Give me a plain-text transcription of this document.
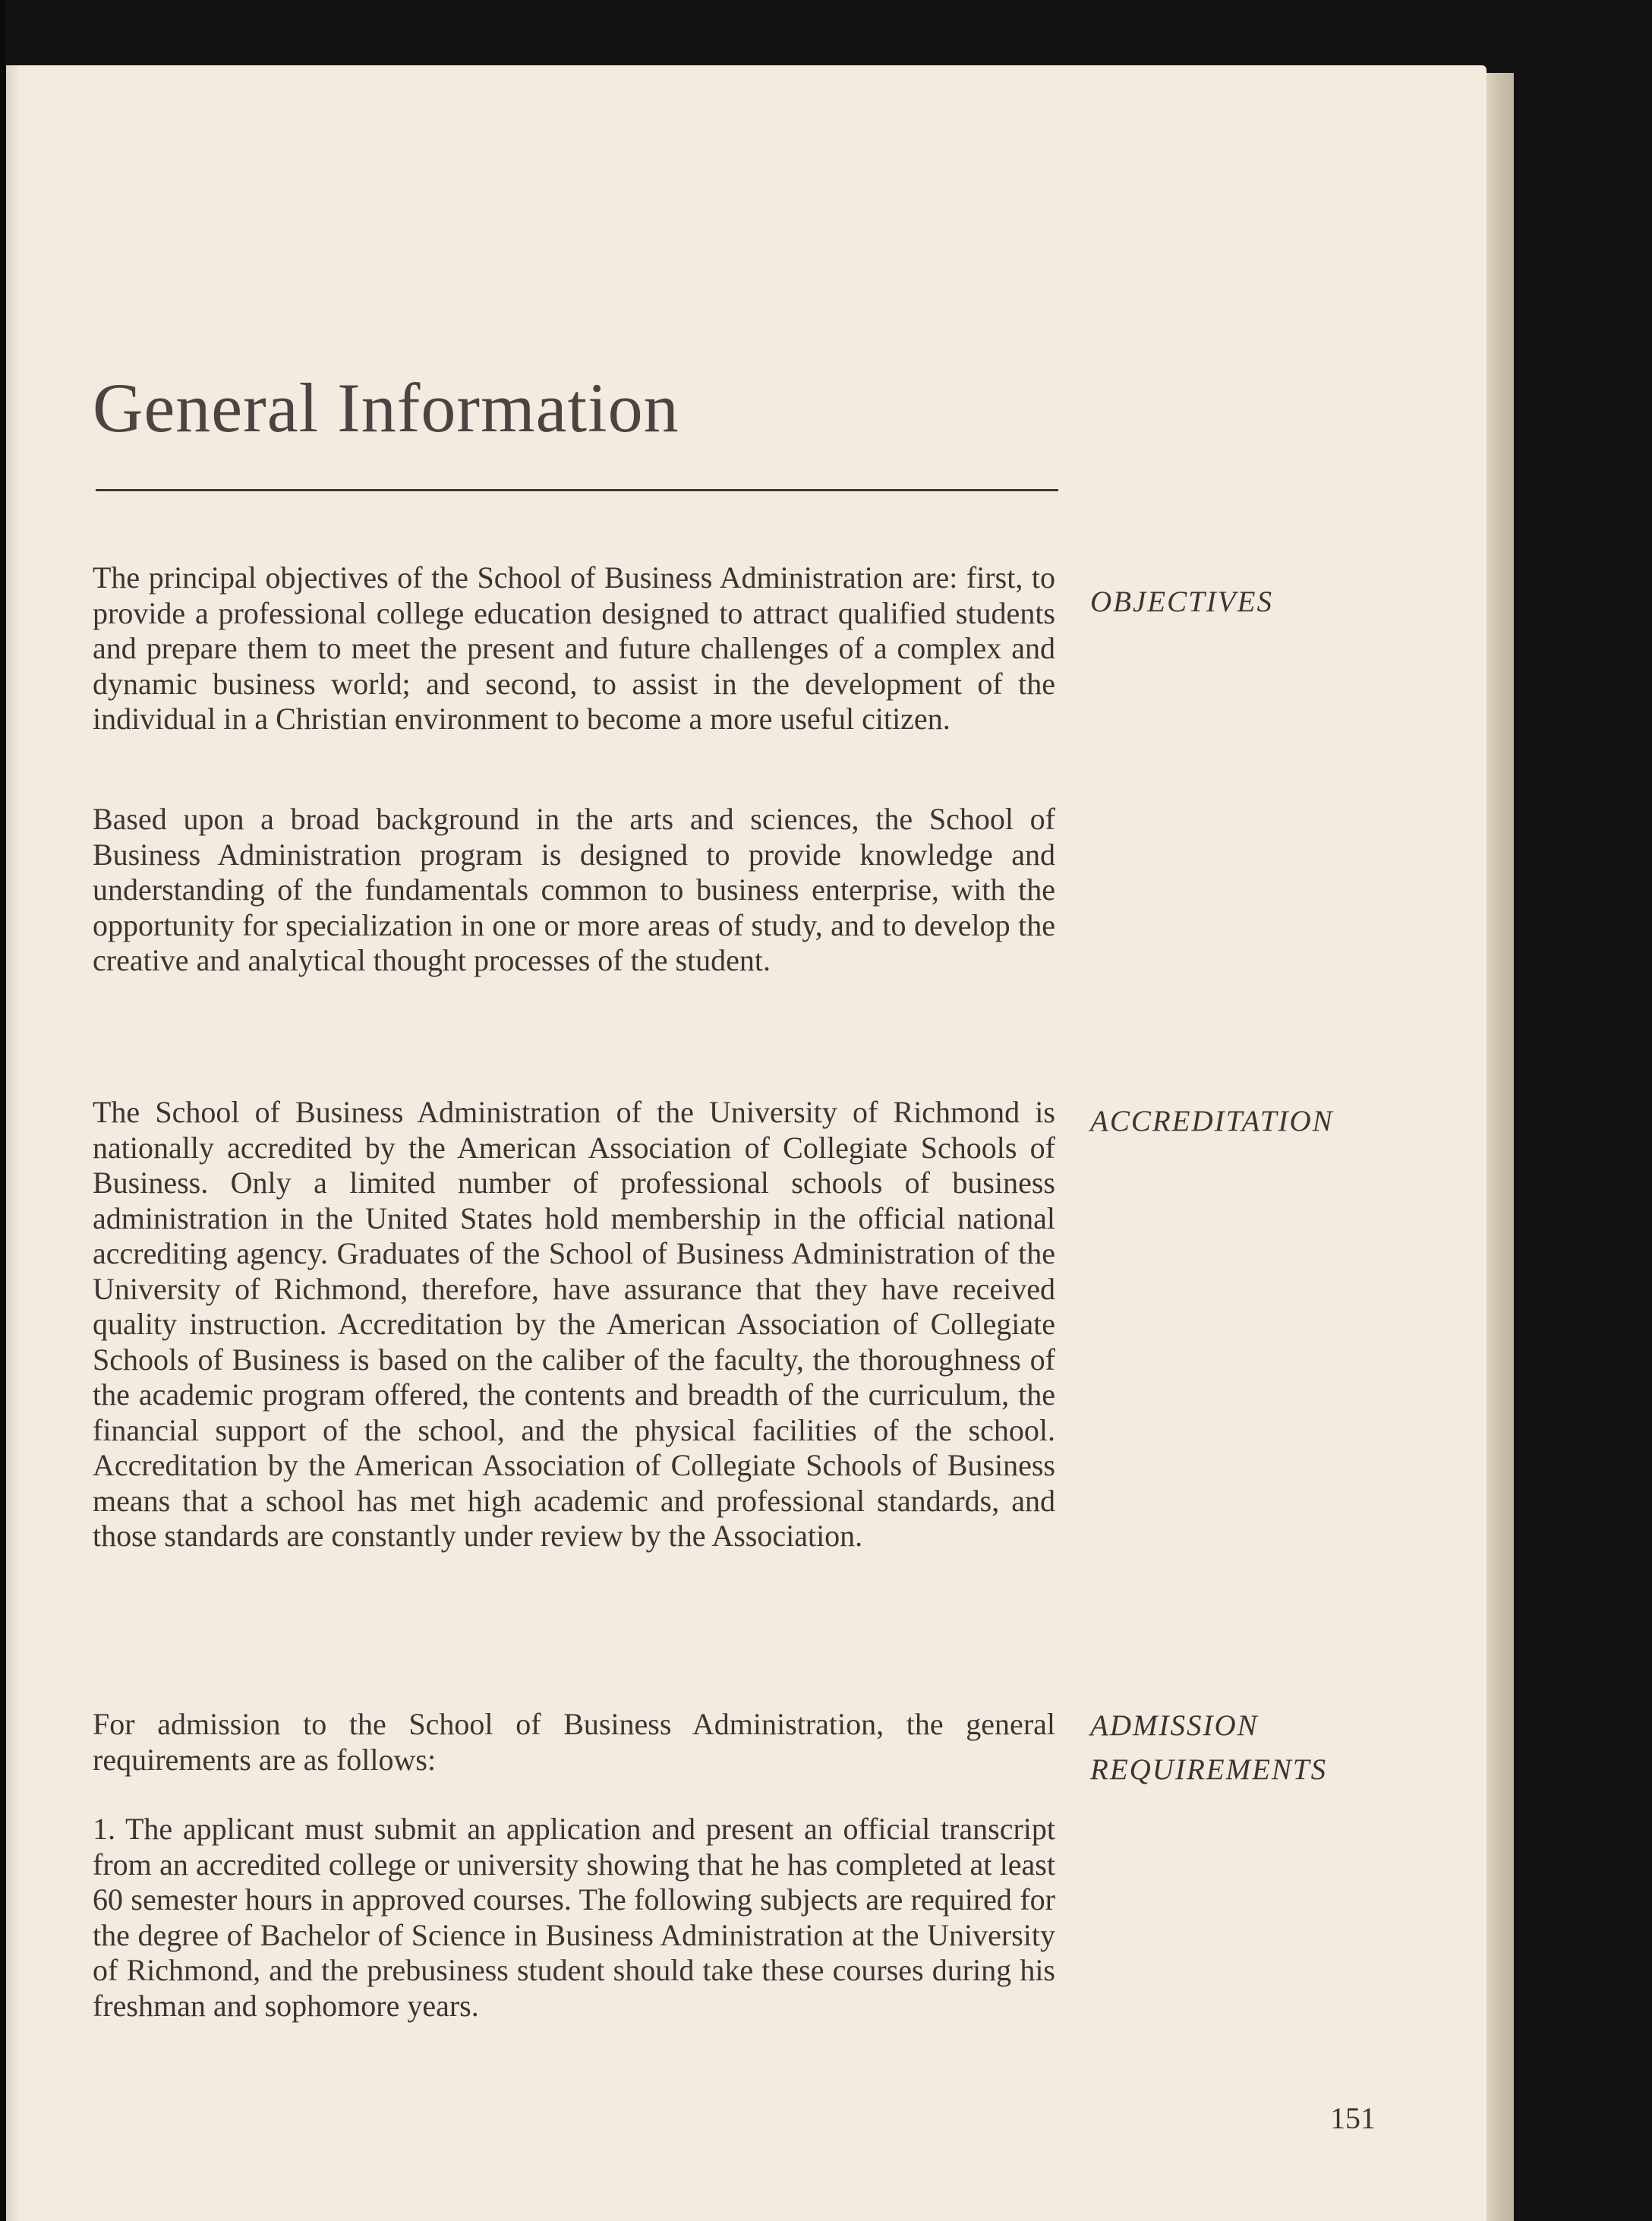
General Information

The principal objectives of the School of Business Administration are: first, to provide a professional college education designed to attract qualified students and prepare them to meet the present and future challenges of a complex and dynamic business world; and second, to assist in the development of the individual in a Christian environment to become a more useful citizen.

OBJECTIVES

Based upon a broad background in the arts and sciences, the School of Business Administration program is designed to provide knowledge and understanding of the fundamentals common to business enterprise, with the opportunity for specialization in one or more areas of study, and to develop the creative and analytical thought processes of the student.

The School of Business Administration of the University of Richmond is nationally accredited by the American Association of Collegiate Schools of Business. Only a limited number of professional schools of business administration in the United States hold membership in the official national accrediting agency. Graduates of the School of Business Administration of the University of Richmond, therefore, have assurance that they have received quality instruction. Accreditation by the American Association of Collegiate Schools of Business is based on the caliber of the faculty, the thoroughness of the academic program offered, the contents and breadth of the curriculum, the financial support of the school, and the physical facilities of the school. Accreditation by the American Association of Collegiate Schools of Business means that a school has met high academic and professional standards, and those standards are constantly under review by the Association.

ACCREDITATION

For admission to the School of Business Administration, the general requirements are as follows:

ADMISSION
REQUIREMENTS

1. The applicant must submit an application and present an official transcript from an accredited college or university showing that he has completed at least 60 semester hours in approved courses. The following subjects are required for the degree of Bachelor of Science in Business Administration at the University of Richmond, and the prebusiness student should take these courses during his freshman and sophomore years.

151
